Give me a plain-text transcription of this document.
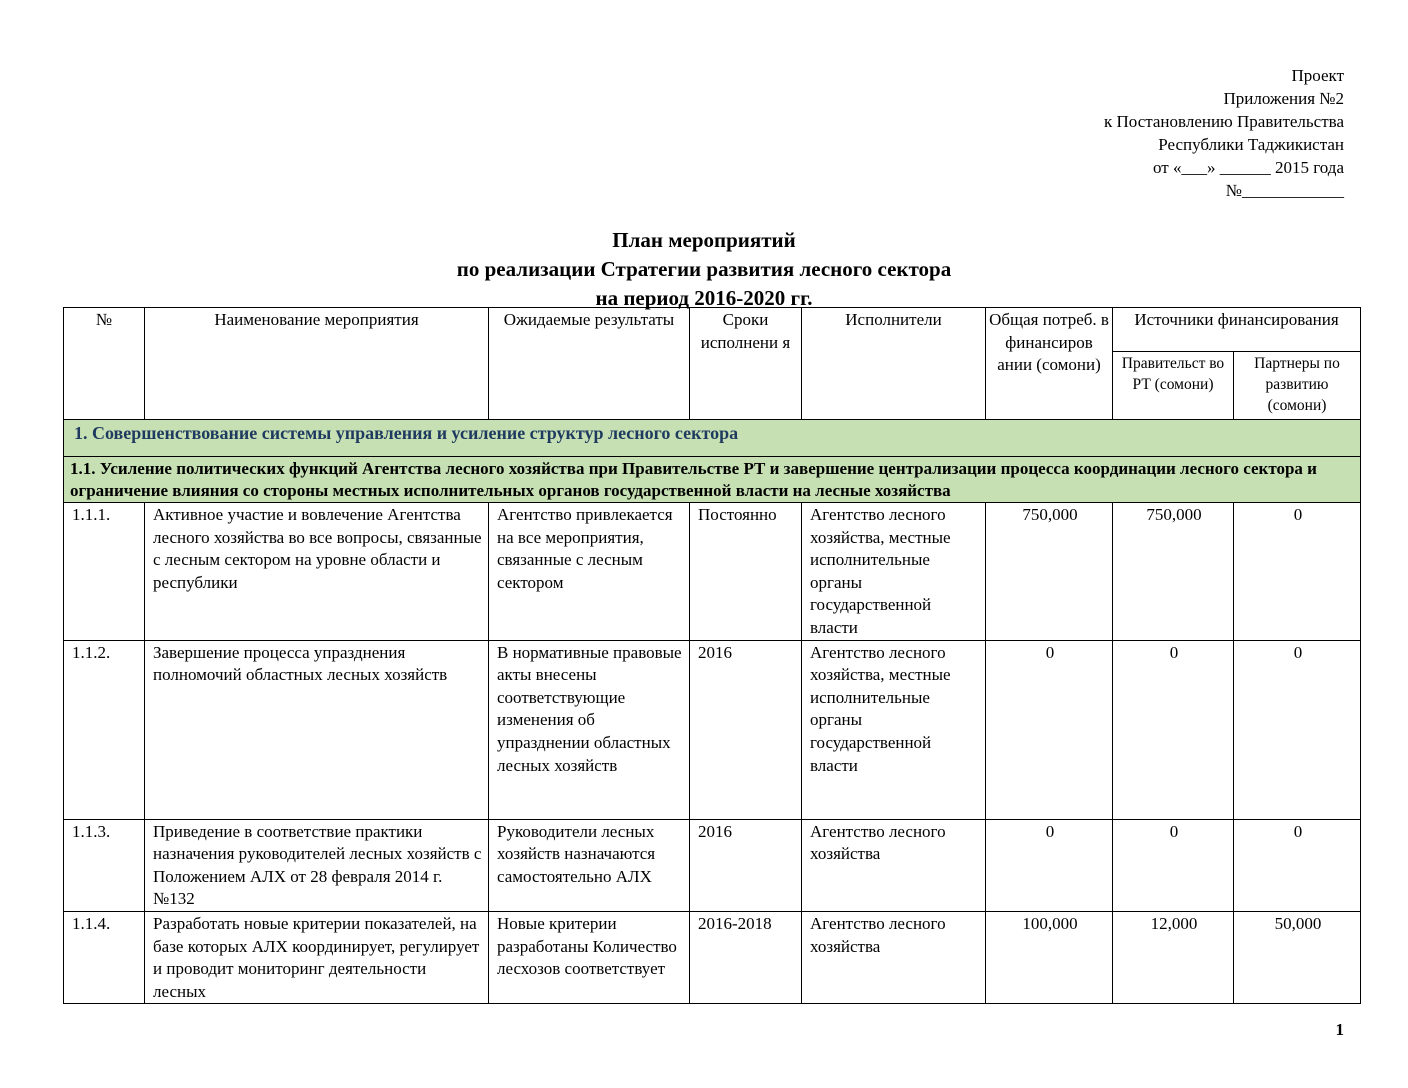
Проект
Приложения №2
к Постановлению Правительства
Республики Таджикистан
от «___» ______ 2015 года
№____________
План мероприятий
по реализации Стратегии развития лесного сектора
на период 2016-2020 гг.
№	Наименование мероприятия	Ожидаемые результаты	Сроки исполнени я	Исполнители	Общая потреб. в финансиров ании (сомони)	Источники финансирования	
						Правительст во РТ (сомони)	Партнеры по развитию (сомони)
1. Совершенствование системы управления и усиление структур лесного сектора							
1.1. Усиление политических функций Агентства лесного хозяйства при Правительстве РТ и завершение централизации процесса координации лесного сектора и ограничение влияния со стороны местных исполнительных органов государственной власти на лесные хозяйства							
1.1.1.	Активное участие и вовлечение Агентства лесного хозяйства во все вопросы, связанные с лесным сектором на уровне области и республики	Агентство привлекается на все мероприятия, связанные с лесным сектором	Постоянно	Агентство лесного хозяйства, местные исполнительные органы государственной власти	750,000	750,000	0
1.1.2.	Завершение процесса упразднения полномочий областных лесных хозяйств	В нормативные правовые акты внесены соответствующие изменения об упразднении областных лесных хозяйств	2016	Агентство лесного хозяйства, местные исполнительные органы государственной власти	0	0	0
1.1.3.	Приведение в соответствие практики назначения руководителей лесных хозяйств с Положением АЛХ от 28 февраля 2014 г. №132	Руководители лесных хозяйств назначаются самостоятельно АЛХ	2016	Агентство лесного хозяйства	0	0	0
1.1.4.	Разработать новые критерии показателей, на базе которых АЛХ координирует, регулирует и проводит мониторинг деятельности лесных	Новые критерии разработаны Количество лесхозов соответствует	2016-2018	Агентство лесного хозяйства	100,000	12,000	50,000
1
